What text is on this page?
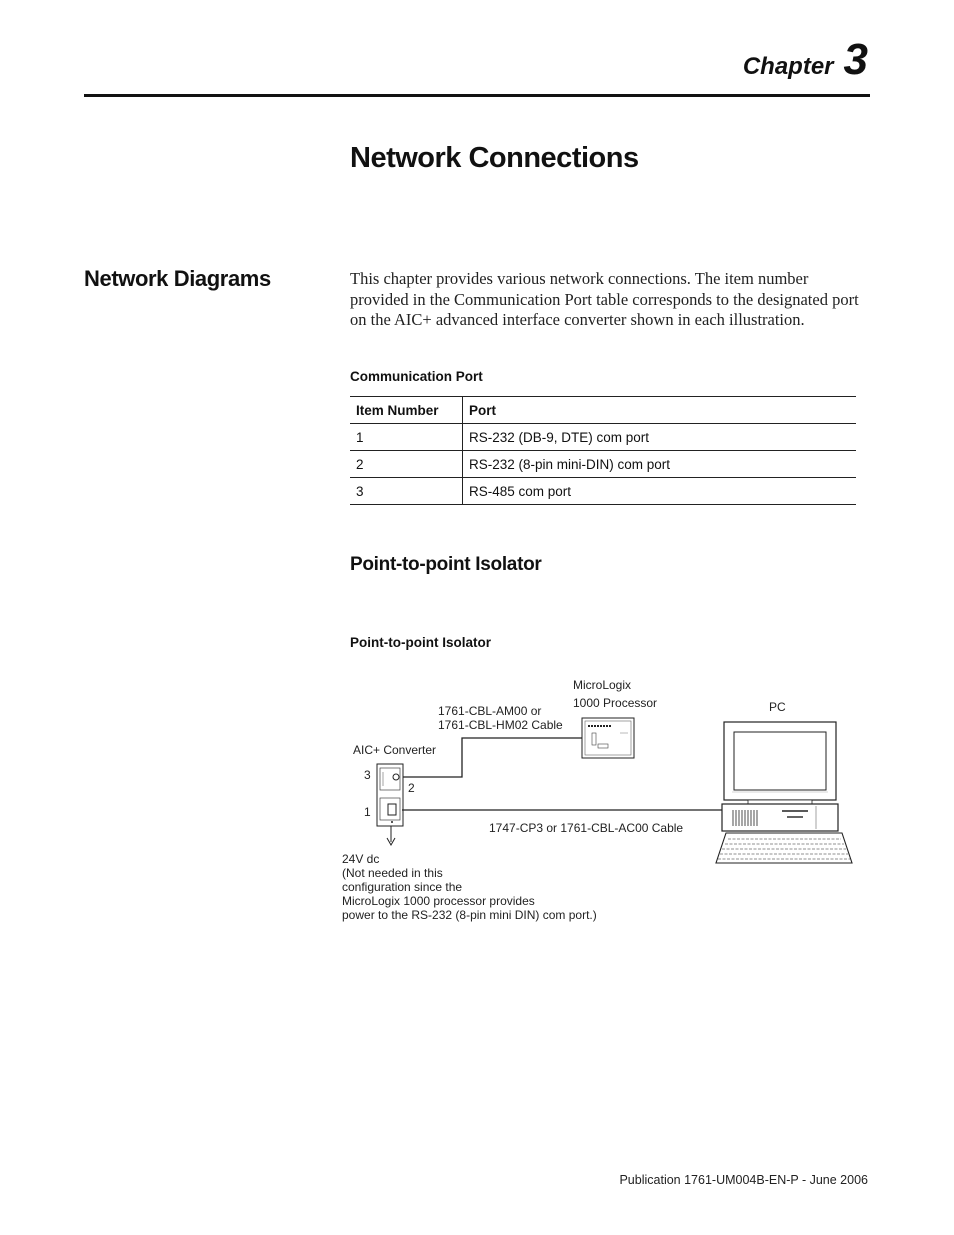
Chapter 3
Network Connections
Network Diagrams	This chapter provides various network connections. The item number provided in the Communication Port table corresponds to the designated port on the AIC+ advanced interface converter shown in each illustration.
Communication Port
Item Number	Port
1	RS-232 (DB-9, DTE) com port
2	RS-232 (8-pin mini-DIN) com port
3	RS-485 com port
Point-to-point Isolator
Point-to-point Isolator
MicroLogix
1000 Processor
1761-CBL-AM00 or
1761-CBL-HM02 Cable
PC
AIC+ Converter
3
2
1
1747-CP3 or 1761-CBL-AC00 Cable
24V dc
(Not needed in this
configuration since the
MicroLogix 1000 processor provides
power to the RS-232 (8-pin mini DIN) com port.)
Publication 1761-UM004B-EN-P - June 2006
